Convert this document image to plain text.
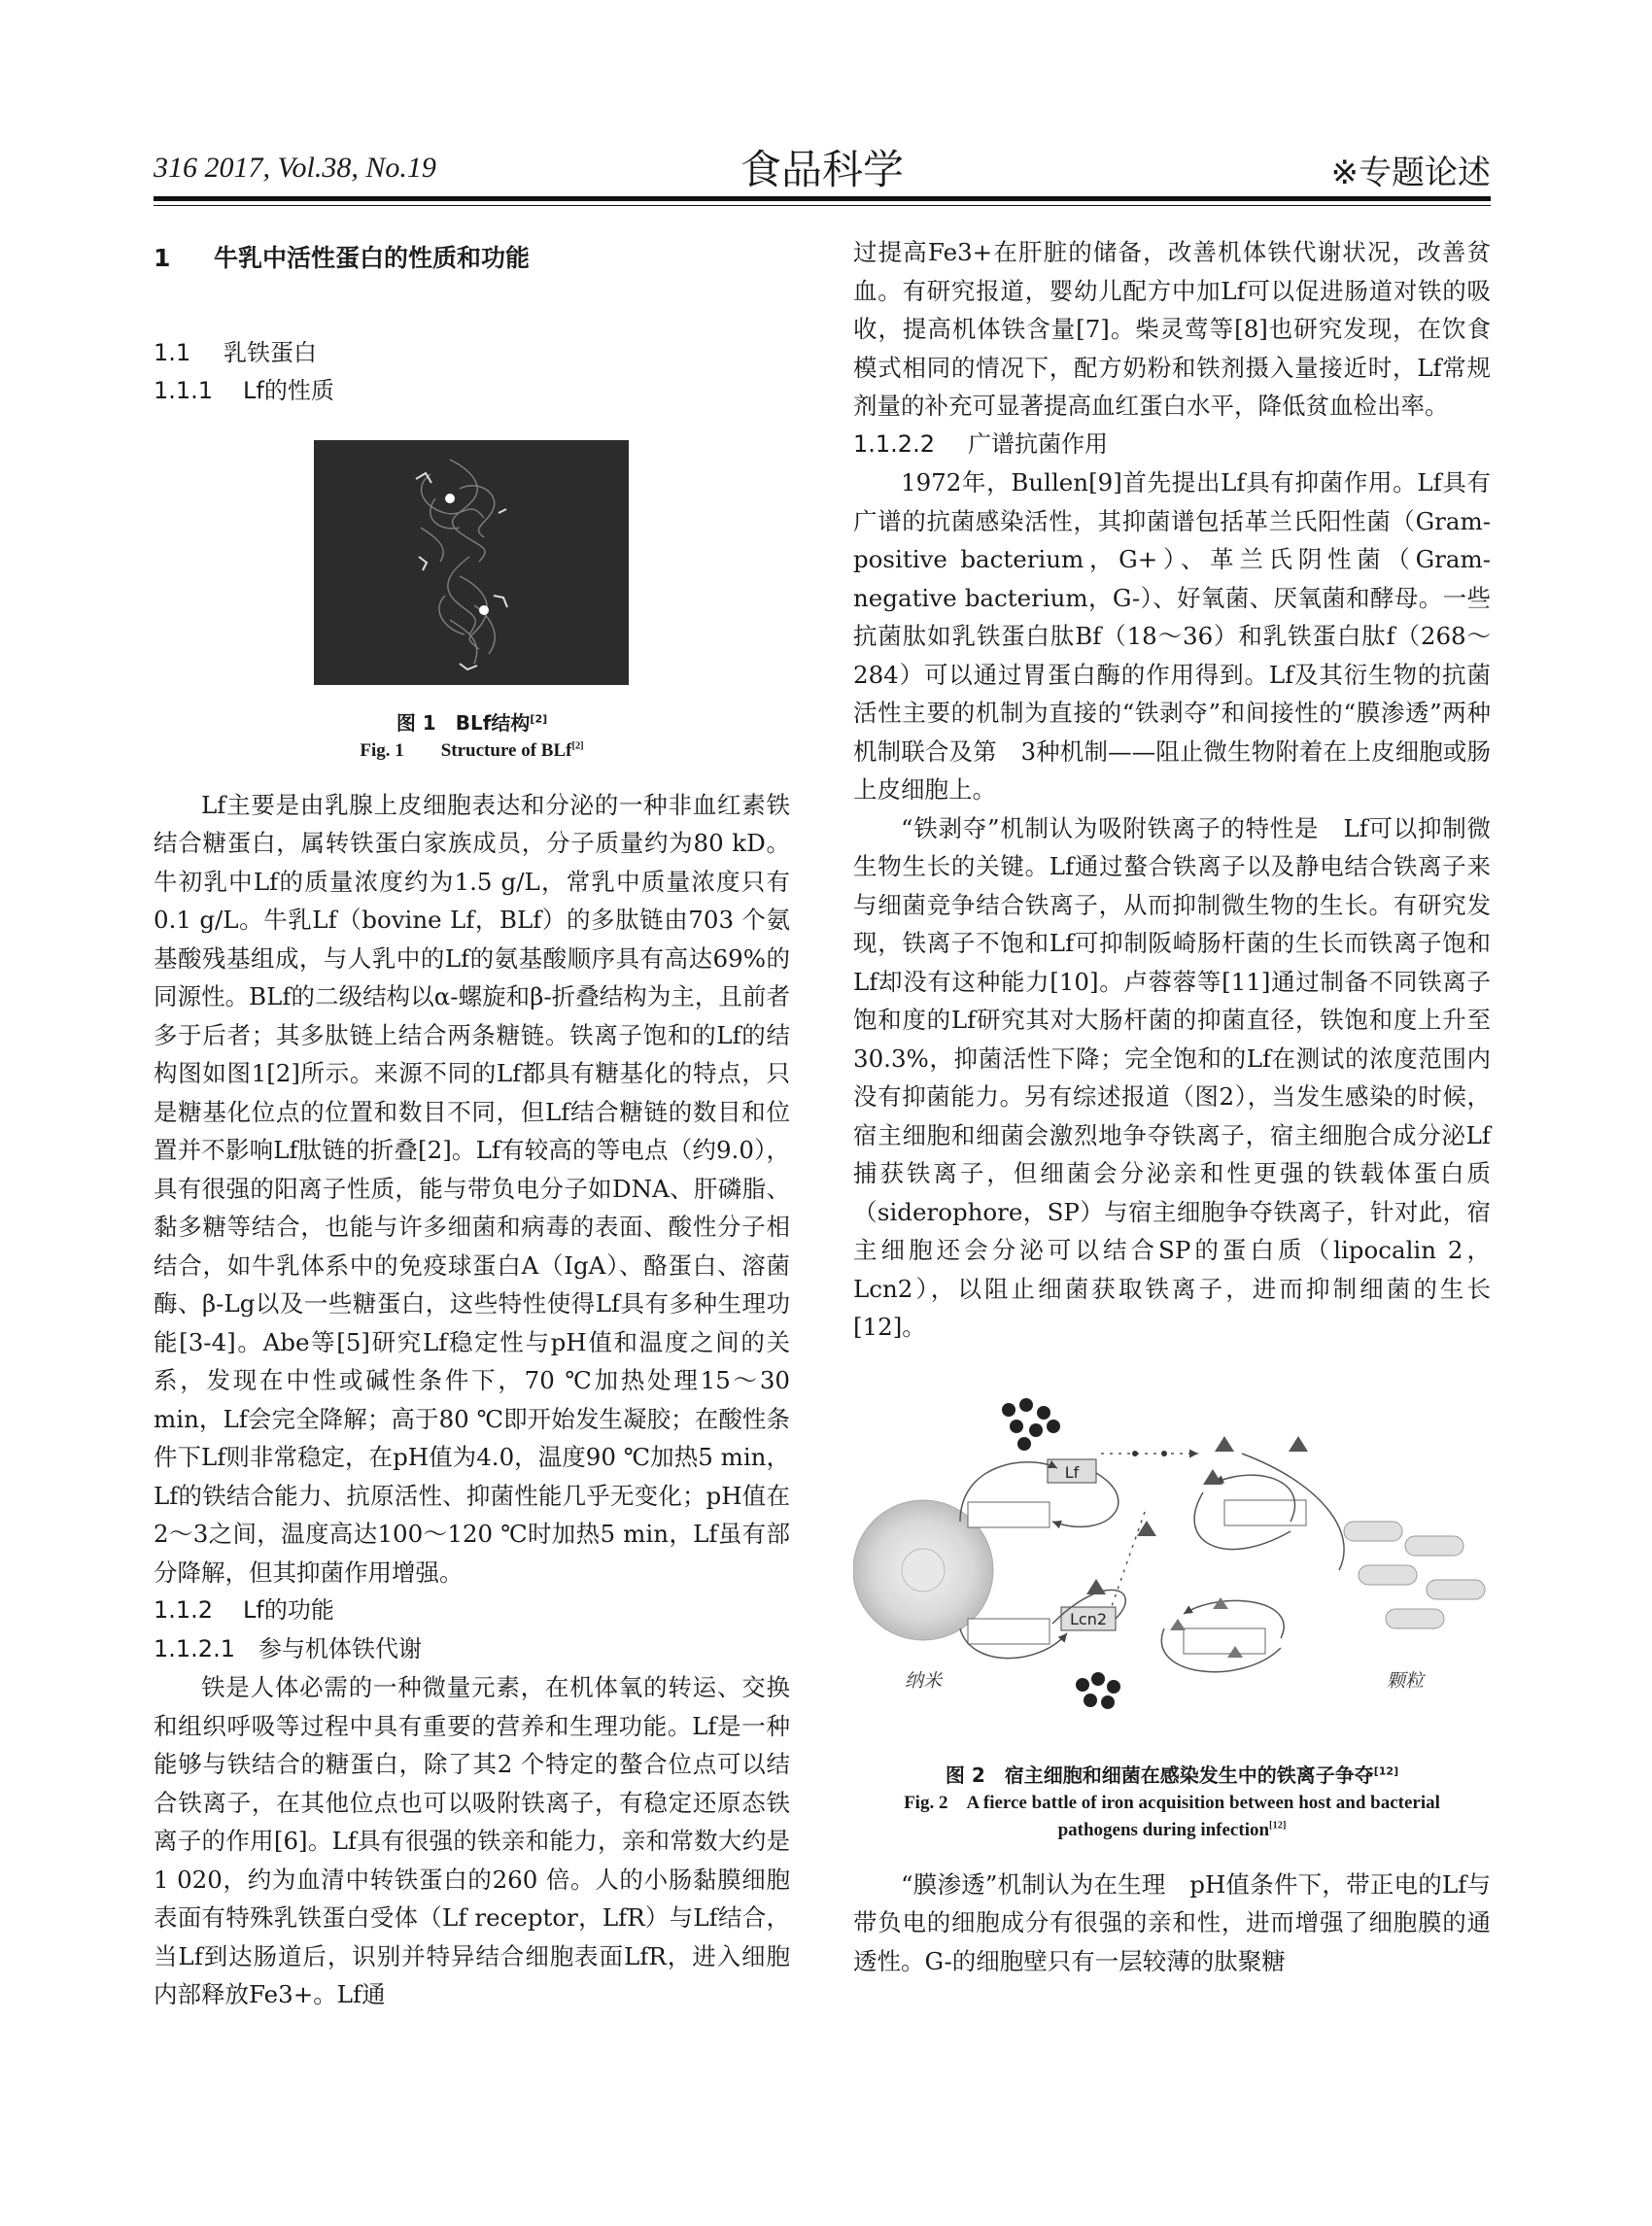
316 2017, Vol.38, No.19	食品科学	※专题论述
1 牛乳中活性蛋白的性质和功能
1.1 乳铁蛋白
1.1.1 Lf的性质
图 1　BLf结构[2]
Fig. 1　　Structure of BLf[2]

Lf主要是由乳腺上皮细胞表达和分泌的一种非血红素铁结合糖蛋白，属转铁蛋白家族成员，分子质量约为80 kD。牛初乳中Lf的质量浓度约为1.5 g/L，常乳中质量浓度只有0.1 g/L。牛乳Lf（bovine Lf，BLf）的多肽链由703 个氨基酸残基组成，与人乳中的Lf的氨基酸顺序具有高达69%的同源性。BLf的二级结构以α-螺旋和β-折叠结构为主，且前者多于后者；其多肽链上结合两条糖链。铁离子饱和的Lf的结构图如图1[2]所示。来源不同的Lf都具有糖基化的特点，只是糖基化位点的位置和数目不同，但Lf结合糖链的数目和位置并不影响Lf肽链的折叠[2]。Lf有较高的等电点（约9.0），具有很强的阳离子性质，能与带负电分子如DNA、肝磷脂、黏多糖等结合，也能与许多细菌和病毒的表面、酸性分子相结合，如牛乳体系中的免疫球蛋白A（IgA）、酪蛋白、溶菌酶、β-Lg以及一些糖蛋白，这些特性使得Lf具有多种生理功能[3-4]。Abe等[5]研究Lf稳定性与pH值和温度之间的关系，发现在中性或碱性条件下，70 ℃加热处理15～30 min，Lf会完全降解；高于80 ℃即开始发生凝胶；在酸性条件下Lf则非常稳定，在pH值为4.0，温度90 ℃加热5 min，Lf的铁结合能力、抗原活性、抑菌性能几乎无变化；pH值在2～3之间，温度高达100～120 ℃时加热5 min，Lf虽有部分降解，但其抑菌作用增强。

1.1.2 Lf的功能
1.1.2.1 参与机体铁代谢

铁是人体必需的一种微量元素，在机体氧的转运、交换和组织呼吸等过程中具有重要的营养和生理功能。Lf是一种能够与铁结合的糖蛋白，除了其2 个特定的螯合位点可以结合铁离子，在其他位点也可以吸附铁离子，有稳定还原态铁离子的作用[6]。Lf具有很强的铁亲和能力，亲和常数大约是1 020，约为血清中转铁蛋白的260 倍。人的小肠黏膜细胞表面有特殊乳铁蛋白受体（Lf receptor，LfR）与Lf结合，当Lf到达肠道后，识别并特异结合细胞表面LfR，进入细胞内部释放Fe3+。Lf通

过提高Fe3+在肝脏的储备，改善机体铁代谢状况，改善贫血。有研究报道，婴幼儿配方中加Lf可以促进肠道对铁的吸收，提高机体铁含量[7]。柴灵莺等[8]也研究发现，在饮食模式相同的情况下，配方奶粉和铁剂摄入量接近时，Lf常规剂量的补充可显著提高血红蛋白水平，降低贫血检出率。

1.1.2.2 广谱抗菌作用

1972年，Bullen[9]首先提出Lf具有抑菌作用。Lf具有广谱的抗菌感染活性，其抑菌谱包括革兰氏阳性菌（Gram-positive bacterium，G+）、革兰氏阴性菌（Gram-negative bacterium，G-）、好氧菌、厌氧菌和酵母。一些抗菌肽如乳铁蛋白肽Bf（18～36）和乳铁蛋白肽f（268～284）可以通过胃蛋白酶的作用得到。Lf及其衍生物的抗菌活性主要的机制为直接的“铁剥夺”和间接性的“膜渗透”两种机制联合及第　3种机制——阻止微生物附着在上皮细胞或肠上皮细胞上。

“铁剥夺”机制认为吸附铁离子的特性是　Lf可以抑制微生物生长的关键。Lf通过螯合铁离子以及静电结合铁离子来与细菌竞争结合铁离子，从而抑制微生物的生长。有研究发现，铁离子不饱和Lf可抑制阪崎肠杆菌的生长而铁离子饱和Lf却没有这种能力[10]。卢蓉蓉等[11]通过制备不同铁离子饱和度的Lf研究其对大肠杆菌的抑菌直径，铁饱和度上升至30.3%，抑菌活性下降；完全饱和的Lf在测试的浓度范围内没有抑菌能力。另有综述报道（图2），当发生感染的时候，宿主细胞和细菌会激烈地争夺铁离子，宿主细胞合成分泌Lf捕获铁离子，但细菌会分泌亲和性更强的铁载体蛋白质（siderophore，SP）与宿主细胞争夺铁离子，针对此，宿主细胞还会分泌可以结合SP的蛋白质（lipocalin 2，Lcn2），以阻止细菌获取铁离子，进而抑制细菌的生长[12]。

Lf
Lcn2
纳米	颗粒
图 2　宿主细胞和细菌在感染发生中的铁离子争夺[12]
Fig. 2　A fierce battle of iron acquisition between host and bacterial pathogens during infection[12]

“膜渗透”机制认为在生理　pH值条件下，带正电的Lf与带负电的细胞成分有很强的亲和性，进而增强了细胞膜的通透性。G-的细胞壁只有一层较薄的肽聚糖
